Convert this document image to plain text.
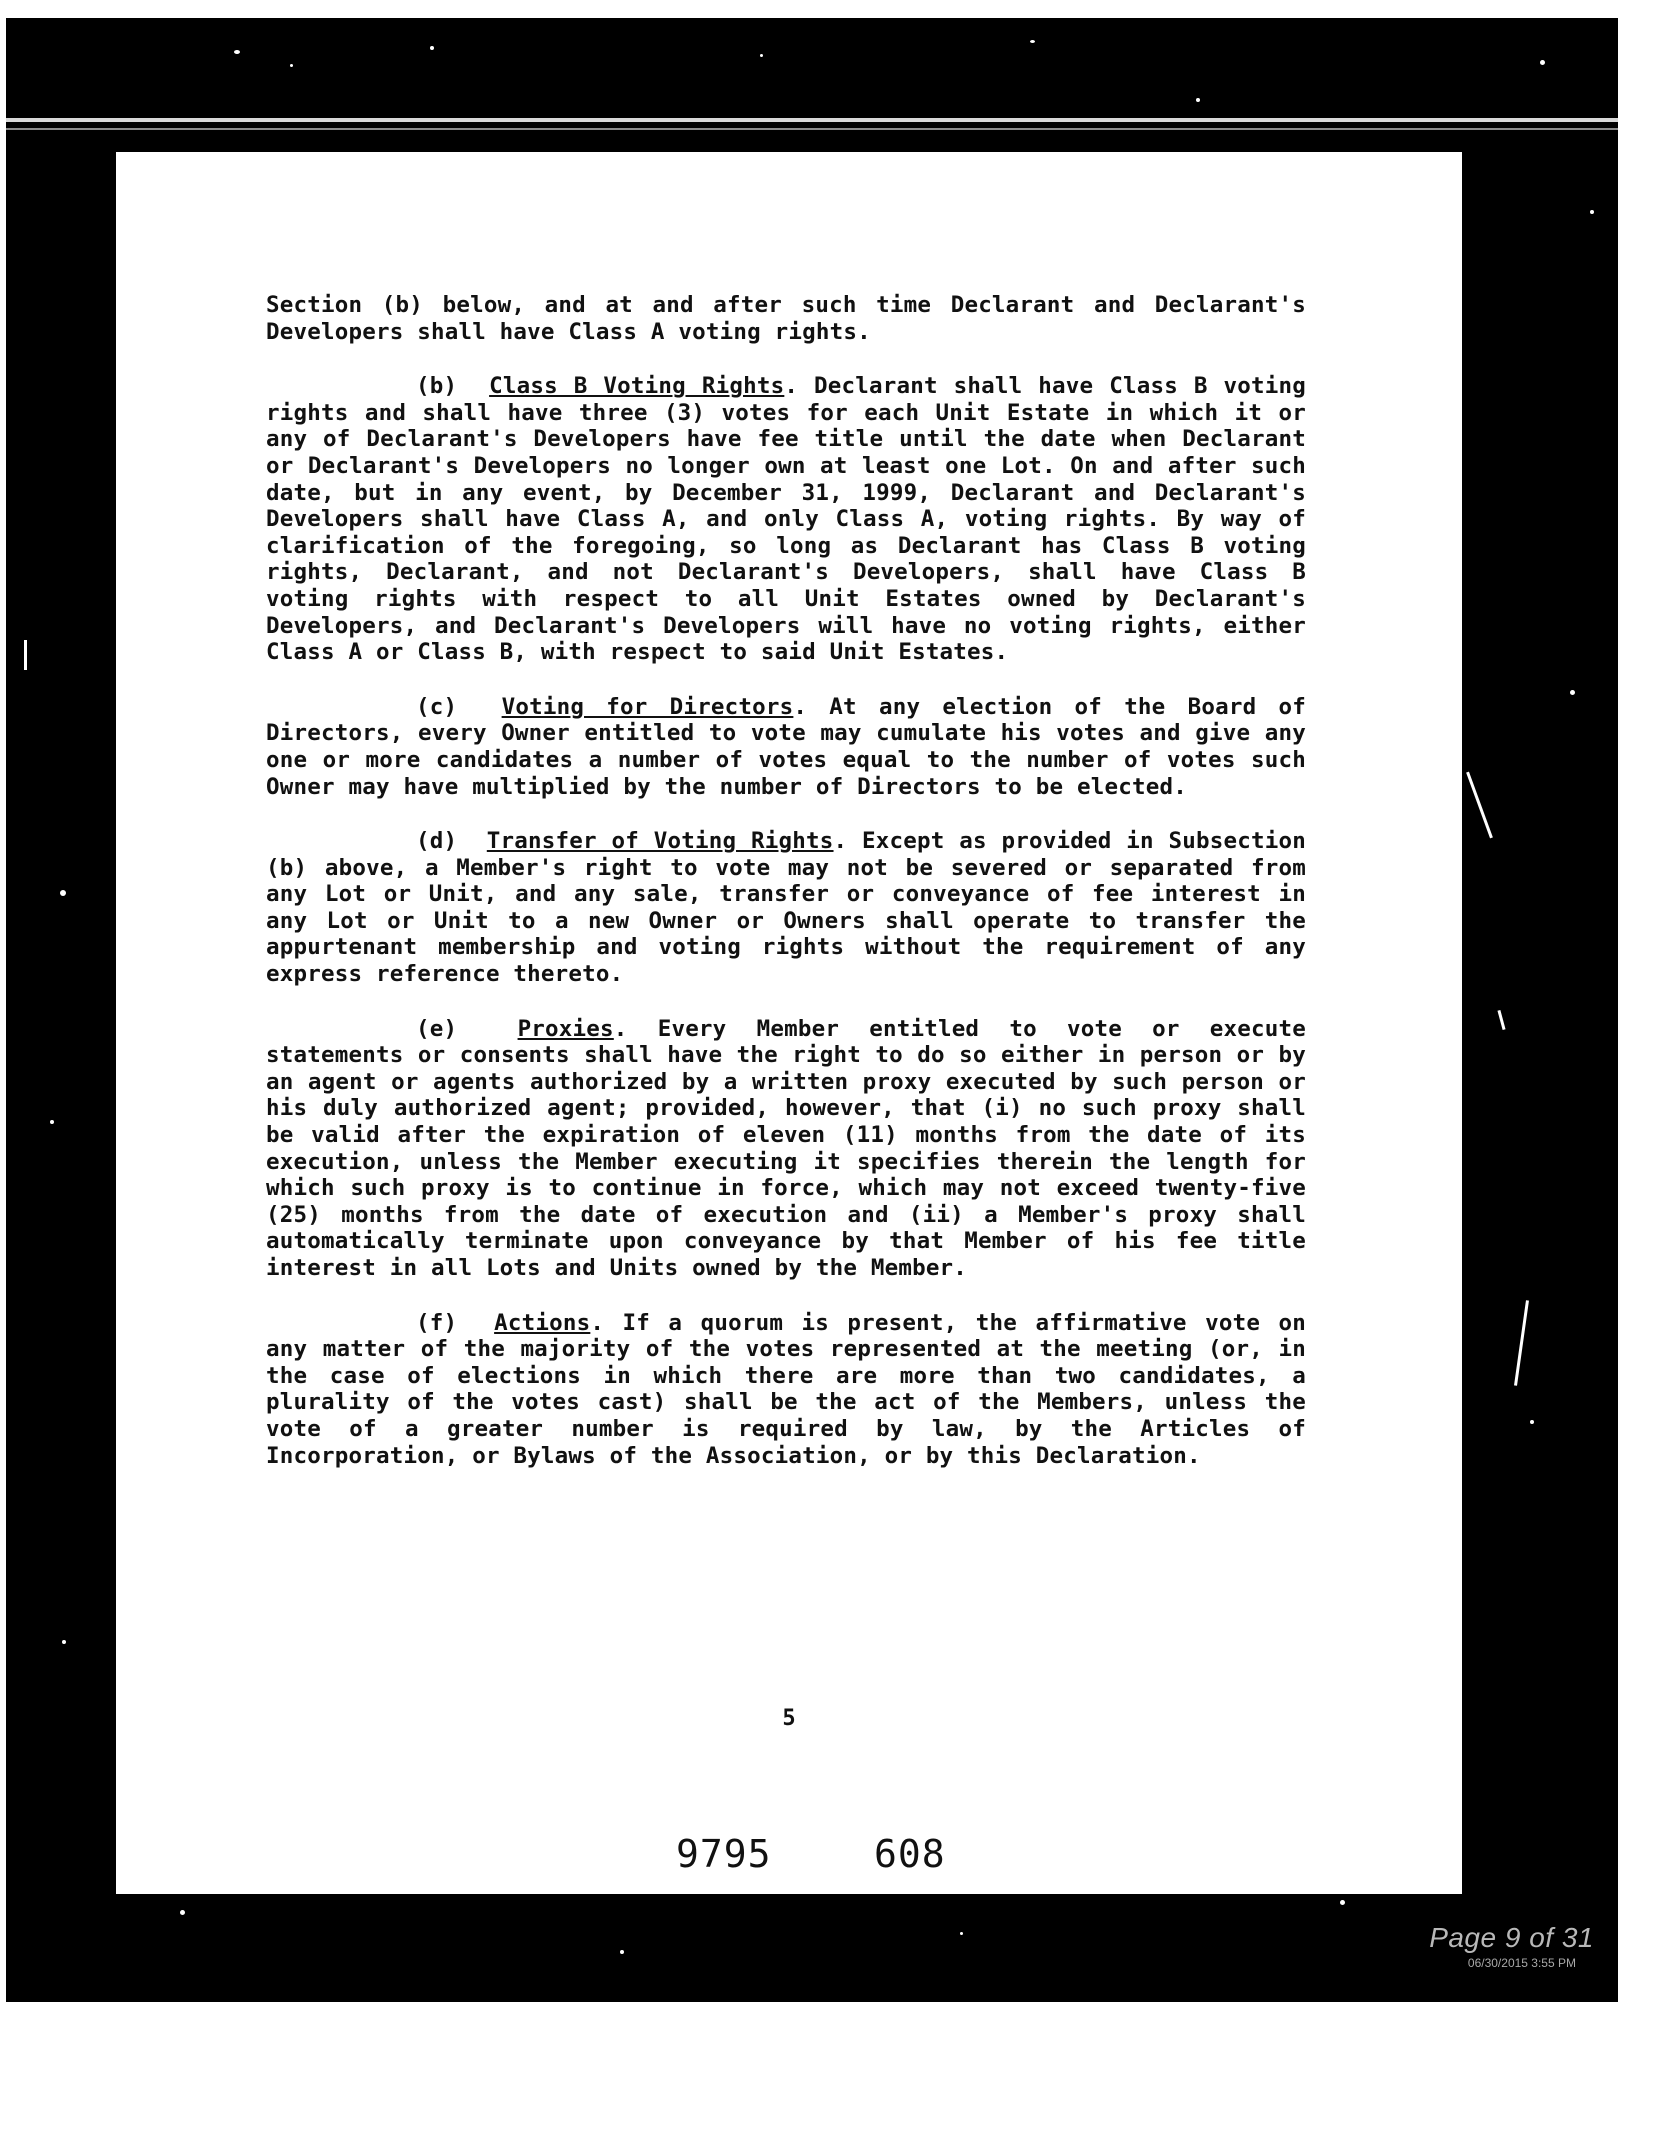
Section (b) below, and at and after such time Declarant and Declarant's Developers shall have Class A voting rights.

(b) Class B Voting Rights. Declarant shall have Class B voting rights and shall have three (3) votes for each Unit Estate in which it or any of Declarant's Developers have fee title until the date when Declarant or Declarant's Developers no longer own at least one Lot. On and after such date, but in any event, by December 31, 1999, Declarant and Declarant's Developers shall have Class A, and only Class A, voting rights. By way of clarification of the foregoing, so long as Declarant has Class B voting rights, Declarant, and not Declarant's Developers, shall have Class B voting rights with respect to all Unit Estates owned by Declarant's Developers, and Declarant's Developers will have no voting rights, either Class A or Class B, with respect to said Unit Estates.

(c) Voting for Directors. At any election of the Board of Directors, every Owner entitled to vote may cumulate his votes and give any one or more candidates a number of votes equal to the number of votes such Owner may have multiplied by the number of Directors to be elected.

(d) Transfer of Voting Rights. Except as provided in Subsection (b) above, a Member's right to vote may not be severed or separated from any Lot or Unit, and any sale, transfer or conveyance of fee interest in any Lot or Unit to a new Owner or Owners shall operate to transfer the appurtenant membership and voting rights without the requirement of any express reference thereto.

(e)	Proxies. Every Member entitled to vote or execute statements or consents shall have the right to do so either in person or by an agent or agents authorized by a written proxy executed by such person or his duly authorized agent; provided, however, that (i) no such proxy shall be valid after the expiration of eleven (11) months from the date of its execution, unless the Member executing it specifies therein the length for which such proxy is to continue in force, which may not exceed twenty-five (25) months from the date of execution and (ii) a Member's proxy shall automatically terminate upon conveyance by that Member of his fee title interest in all Lots and Units owned by the Member.

(f) Actions. If a quorum is present, the affirmative vote on any matter of the majority of the votes represented at the meeting (or, in the case of elections in which there are more than two candidates, a plurality of the votes cast) shall be the act of the Members, unless the vote of a greater number is required by law, by the Articles of Incorporation, or Bylaws of the Association, or by this Declaration.

5
9795	608
Page 9 of 31
06/30/2015 3:55 PM
